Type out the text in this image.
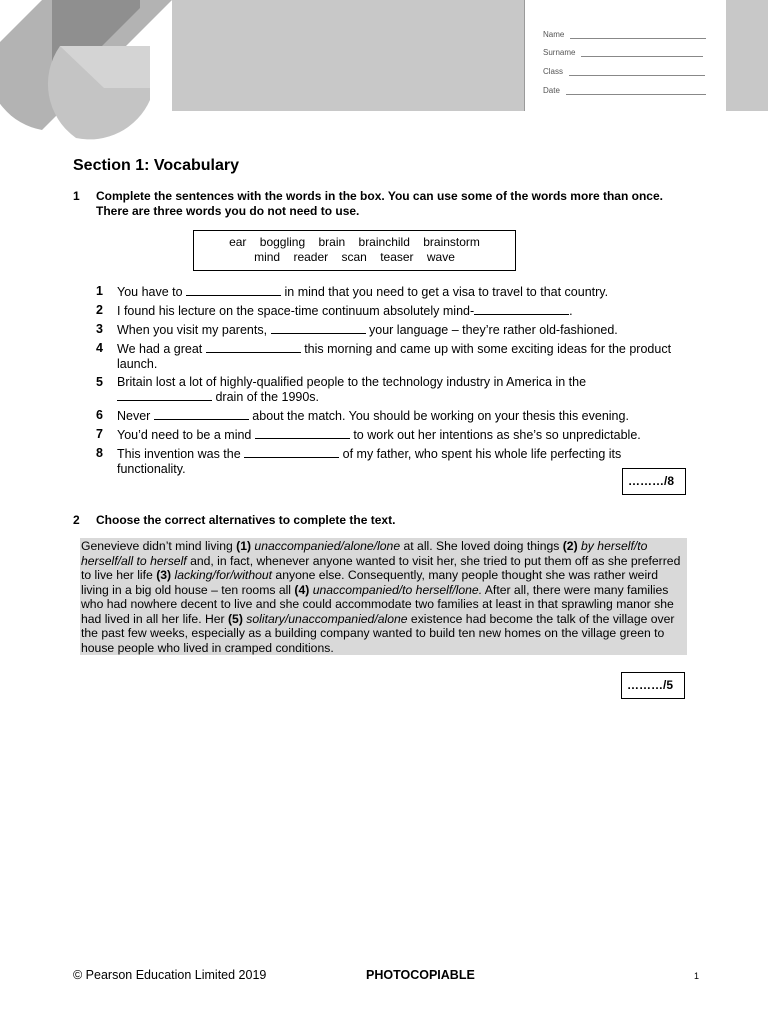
Name
Surname
Class
Date
Section 1: Vocabulary
1 Complete the sentences with the words in the box. You can use some of the words more than once.
There are three words you do not need to use.
ear boggling brain brainchild brainstorm
mind reader scan teaser wave
1	You have to	in mind that you need to get a visa to travel to that country.
2	I found his lecture on the space-time continuum absolutely mind-	.
3	When you visit my parents,	your language – they’re rather old-fashioned.
4	We had a great	this morning and came up with some exciting ideas for the product launch.
5	Britain lost a lot of highly-qualified people to the technology industry in America in the  drain of the 1990s.
6	Never	about the match. You should be working on your thesis this evening.
7	You’d need to be a mind	to work out her intentions as she’s so unpredictable.
8	This invention was the	of my father, who spent his whole life perfecting its functionality.
………/8
2 Choose the correct alternatives to complete the text.
Genevieve didn’t mind living (1) unaccompanied/alone/lone at all. She loved doing things (2) by herself/to herself/all to herself and, in fact, whenever anyone wanted to visit her, she tried to put them off as she preferred to live her life (3) lacking/for/without anyone else. Consequently, many people thought she was rather weird living in a big old house – ten rooms all (4) unaccompanied/to herself/lone. After all, there were many families who had nowhere decent to live and she could accommodate two families at least in that sprawling manor she had lived in all her life. Her (5) solitary/unaccompanied/alone existence had become the talk of the village over the past few weeks, especially as a building company wanted to build ten new homes on the village green to house people who lived in cramped conditions.
………/5
© Pearson Education Limited 2019	PHOTOCOPIABLE	1
